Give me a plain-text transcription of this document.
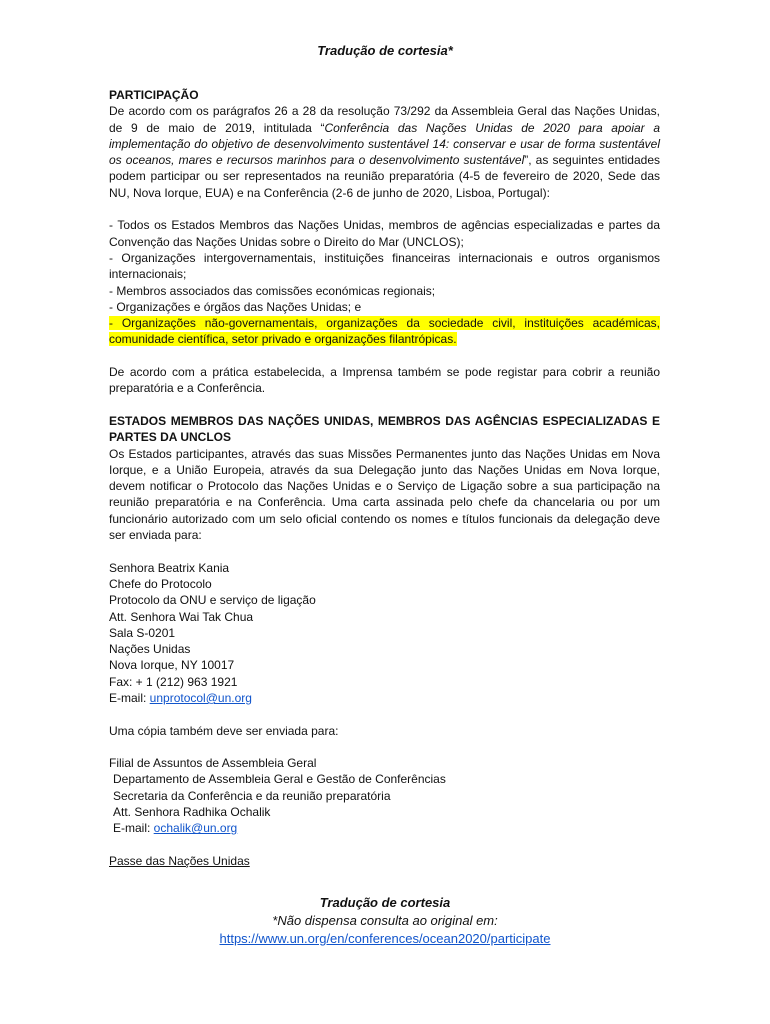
Tradução de cortesia*

PARTICIPAÇÃO

De acordo com os parágrafos 26 a 28 da resolução 73/292 da Assembleia Geral das Nações Unidas, de 9 de maio de 2019, intitulada “Conferência das Nações Unidas de 2020 para apoiar a implementação do objetivo de desenvolvimento sustentável 14: conservar e usar de forma sustentável os oceanos, mares e recursos marinhos para o desenvolvimento sustentável”, as seguintes entidades podem participar ou ser representados na reunião preparatória (4-5 de fevereiro de 2020, Sede das NU, Nova Iorque, EUA) e na Conferência (2-6 de junho de 2020, Lisboa, Portugal):

- Todos os Estados Membros das Nações Unidas, membros de agências especializadas e partes da Convenção das Nações Unidas sobre o Direito do Mar (UNCLOS);

- Organizações intergovernamentais, instituições financeiras internacionais e outros organismos internacionais;

- Membros associados das comissões económicas regionais;

- Organizações e órgãos das Nações Unidas; e

- Organizações não-governamentais, organizações da sociedade civil, instituições académicas, comunidade científica, setor privado e organizações filantrópicas.

De acordo com a prática estabelecida, a Imprensa também se pode registar para cobrir a reunião preparatória e a Conferência.

ESTADOS MEMBROS DAS NAÇÕES UNIDAS, MEMBROS DAS AGÊNCIAS ESPECIALIZADAS E PARTES DA UNCLOS

Os Estados participantes, através das suas Missões Permanentes junto das Nações Unidas em Nova Iorque, e a União Europeia, através da sua Delegação junto das Nações Unidas em Nova Iorque, devem notificar o Protocolo das Nações Unidas e o Serviço de Ligação sobre a sua participação na reunião preparatória e na Conferência. Uma carta assinada pelo chefe da chancelaria ou por um funcionário autorizado com um selo oficial contendo os nomes e títulos funcionais da delegação deve ser enviada para:

Senhora Beatrix Kania

Chefe do Protocolo

Protocolo da ONU e serviço de ligação

Att. Senhora Wai Tak Chua

Sala S-0201

Nações Unidas

Nova Iorque, NY 10017

Fax: + 1 (212) 963 1921

E-mail: unprotocol@un.org

Uma cópia também deve ser enviada para:

Filial de Assuntos de Assembleia Geral

Departamento de Assembleia Geral e Gestão de Conferências

Secretaria da Conferência e da reunião preparatória

Att. Senhora Radhika Ochalik

E-mail: ochalik@un.org

Passe das Nações Unidas

Tradução de cortesia
*Não dispensa consulta ao original em:
https://www.un.org/en/conferences/ocean2020/participate
